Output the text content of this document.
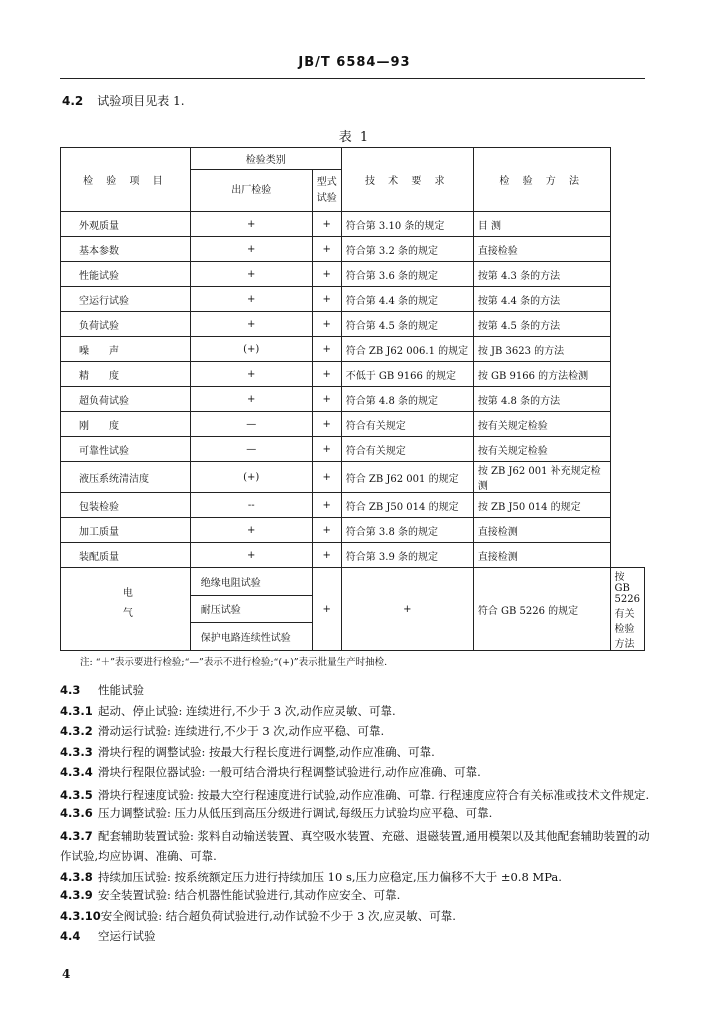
JB/T 6584—93
4.2 试验项目见表 1.
表 1
检 验 项 目	检验类别		技 术 要 求	检 验 方 法	
	出厂检验	型式试验			
外观质量	+	+	符合第 3.10 条的规定	目 测	
基本参数	+	+	符合第 3.2 条的规定	直接检验	
性能试验	+	+	符合第 3.6 条的规定	按第 4.3 条的方法	
空运行试验	+	+	符合第 4.4 条的规定	按第 4.4 条的方法	
负荷试验	+	+	符合第 4.5 条的规定	按第 4.5 条的方法	
噪　　声	(+)	+	符合 ZB J62 006.1 的规定	按 JB 3623 的方法	
精　　度	+	+	不低于 GB 9166 的规定	按 GB 9166 的方法检测	
超负荷试验	+	+	符合第 4.8 条的规定	按第 4.8 条的方法	
刚　　度	—	+	符合有关规定	按有关规定检验	
可靠性试验	—	+	符合有关规定	按有关规定检验	
液压系统清洁度	(+)	+	符合 ZB J62 001 的规定	按 ZB J62 001 补充规定检测	
包装检验	--	+	符合 ZB J50 014 的规定	按 ZB J50 014 的规定	
加工质量	+	+	符合第 3.8 条的规定	直接检测	
装配质量	+	+	符合第 3.9 条的规定	直接检测	
电气	绝缘电阻试验	+	+	符合 GB 5226 的规定	按 GB 5226 有关检验方法
	耐压试验				
	保护电路连续性试验				
注: “＋”表示要进行检验;“—”表示不进行检验;“(+)”表示批量生产时抽检.
4.3 性能试验
4.3.1 起动、停止试验: 连续进行,不少于 3 次,动作应灵敏、可靠.
4.3.2 滑动运行试验: 连续进行,不少于 3 次,动作应平稳、可靠.
4.3.3 滑块行程的调整试验: 按最大行程长度进行调整,动作应准确、可靠.
4.3.4 滑块行程限位器试验: 一般可结合滑块行程调整试验进行,动作应准确、可靠.
4.3.5 滑块行程速度试验: 按最大空行程速度进行试验,动作应准确、可靠. 行程速度应符合有关标准或技术文件规定.
4.3.6 压力调整试验: 压力从低压到高压分级进行调试,每级压力试验均应平稳、可靠.
4.3.7 配套辅助装置试验: 浆料自动输送装置、真空吸水装置、充磁、退磁装置,通用模架以及其他配套辅助装置的动作试验,均应协调、准确、可靠.
4.3.8 持续加压试验: 按系统额定压力进行持续加压 10 s,压力应稳定,压力偏移不大于 ±0.8 MPa.
4.3.9 安全装置试验: 结合机器性能试验进行,其动作应安全、可靠.
4.3.10安全阀试验: 结合超负荷试验进行,动作试验不少于 3 次,应灵敏、可靠.
4.4 空运行试验
4
